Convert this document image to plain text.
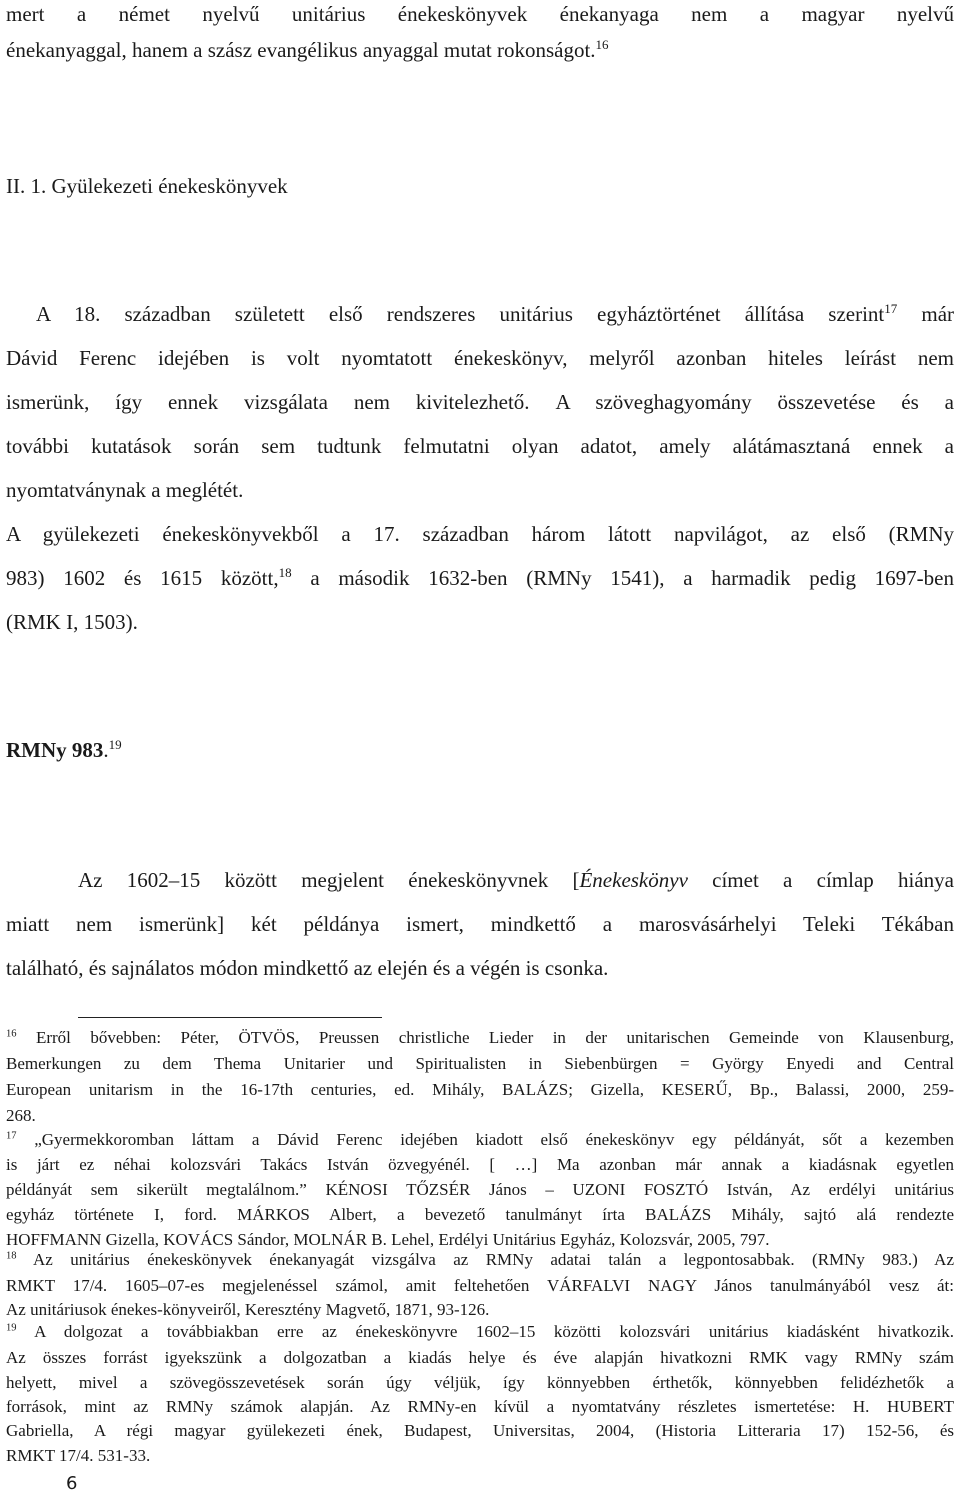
mert a német nyelvű unitárius énekeskönyvek énekanyaga nem a magyar nyelvű
énekanyaggal, hanem a szász evangélikus anyaggal mutat rokonságot.$^{16}$
II. 1. Gyülekezeti énekeskönyvek
A 18. században született első rendszeres unitárius egyháztörténet állítása szerint$^{17}$ már
Dávid Ferenc idejében is volt nyomtatott énekeskönyv, melyről azonban hiteles leírást nem
ismerünk, így ennek vizsgálata nem kivitelezhető. A szöveghagyomány összevetése és a
további kutatások során sem tudtunk felmutatni olyan adatot, amely alátámasztaná ennek a
nyomtatványnak a meglétét.
A gyülekezeti énekeskönyvekből a 17. században három látott napvilágot, az első (RMNy
983) 1602 és 1615 között,$^{18}$ a második 1632-ben (RMNy 1541), a harmadik pedig 1697-ben
(RMK I, 1503).
RMNy 983.19
Az 1602–15 között megjelent énekeskönyvnek [Énekeskönyv címet a címlap hiánya
miatt nem ismerünk] két példánya ismert, mindkettő a marosvásárhelyi Teleki Tékában
található, és sajnálatos módon mindkettő az elején és a végén is csonka.
$^{16}$ Erről bővebben: Péter, ÖTVÖS, Preussen christliche Lieder in der unitarischen Gemeinde von Klausenburg,
Bemerkungen zu dem Thema Unitarier und Spiritualisten in Siebenbürgen = György Enyedi and Central
European unitarism in the 16-17th centuries, ed. Mihály, BALÁZS; Gizella, KESERŰ, Bp., Balassi, 2000, 259-
268.
$^{17}$ „Gyermekkoromban láttam a Dávid Ferenc idejében kiadott első énekeskönyv egy példányát, sőt a kezemben
is járt ez néhai kolozsvári Takács István özvegyénél. [ …] Ma azonban már annak a kiadásnak egyetlen
példányát sem sikerült megtalálnom.” KÉNOSI TŐZSÉR János – UZONI FOSZTÓ István, Az erdélyi unitárius
egyház története I, ford. MÁRKOS Albert, a bevezető tanulmányt írta BALÁZS Mihály, sajtó alá rendezte
HOFFMANN Gizella, KOVÁCS Sándor, MOLNÁR B. Lehel, Erdélyi Unitárius Egyház, Kolozsvár, 2005, 797.
$^{18}$ Az unitárius énekeskönyvek énekanyagát vizsgálva az RMNy adatai talán a legpontosabbak. (RMNy 983.) Az
RMKT 17/4. 1605–07-es megjelenéssel számol, amit feltehetően VÁRFALVI NAGY János tanulmányából vesz át:
Az unitáriusok énekes-könyveiről, Keresztény Magvető, 1871, 93-126.
$^{19}$ A dolgozat a továbbiakban erre az énekeskönyvre 1602–15 közötti kolozsvári unitárius kiadásként hivatkozik.
Az összes forrást igyekszünk a dolgozatban a kiadás helye és éve alapján hivatkozni RMK vagy RMNy szám
helyett, mivel a szövegösszevetések során úgy véljük, így könnyebben érthetők, könnyebben felidézhetők a
források, mint az RMNy számok alapján. Az RMNy-en kívül a nyomtatvány részletes ismertetése: H. HUBERT
Gabriella, A régi magyar gyülekezeti ének, Budapest, Universitas, 2004, (Historia Litteraria 17) 152-56, és
RMKT 17/4. 531-33.
6
